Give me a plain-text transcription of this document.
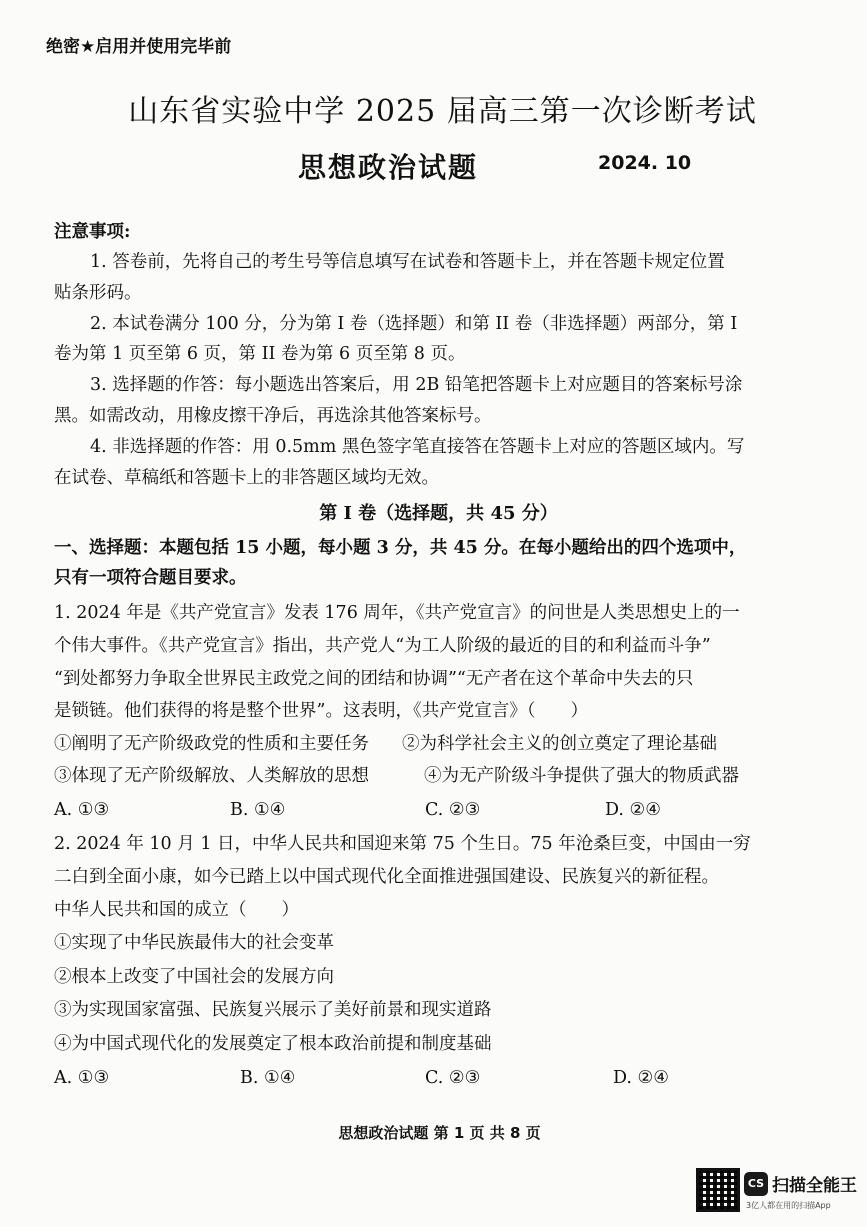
绝密★启用并使用完毕前
山东省实验中学 2025 届高三第一次诊断考试
思想政治试题	2024. 10
注意事项:
1. 答卷前，先将自己的考生号等信息填写在试卷和答题卡上，并在答题卡规定位置
贴条形码。
2. 本试卷满分 100 分，分为第 I 卷（选择题）和第 II 卷（非选择题）两部分，第 I
卷为第 1 页至第 6 页，第 II 卷为第 6 页至第 8 页。
3. 选择题的作答：每小题选出答案后，用 2B 铅笔把答题卡上对应题目的答案标号涂
黑。如需改动，用橡皮擦干净后，再选涂其他答案标号。
4. 非选择题的作答：用 0.5mm 黑色签字笔直接答在答题卡上对应的答题区域内。写
在试卷、草稿纸和答题卡上的非答题区域均无效。
第 I 卷（选择题，共 45 分）
一、选择题：本题包括 15 小题，每小题 3 分，共 45 分。在每小题给出的四个选项中，
只有一项符合题目要求。
1. 2024 年是《共产党宣言》发表 176 周年，《共产党宣言》的问世是人类思想史上的一
个伟大事件。《共产党宣言》指出，共产党人“为工人阶级的最近的目的和利益而斗争”
“到处都努力争取全世界民主政党之间的团结和协调”“无产者在这个革命中失去的只
是锁链。他们获得的将是整个世界”。这表明，《共产党宣言》（　　）
①阐明了无产阶级政党的性质和主要任务 ②为科学社会主义的创立奠定了理论基础
③体现了无产阶级解放、人类解放的思想	④为无产阶级斗争提供了强大的物质武器
A. ①③	B. ①④	C. ②③	D. ②④
2. 2024 年 10 月 1 日，中华人民共和国迎来第 75 个生日。75 年沧桑巨变，中国由一穷
二白到全面小康，如今已踏上以中国式现代化全面推进强国建设、民族复兴的新征程。
中华人民共和国的成立（　　）
①实现了中华民族最伟大的社会变革
②根本上改变了中国社会的发展方向
③为实现国家富强、民族复兴展示了美好前景和现实道路
④为中国式现代化的发展奠定了根本政治前提和制度基础
A. ①③	B. ①④	C. ②③	D. ②④
思想政治试题 第 1 页 共 8 页
CS 扫描全能王
3亿人都在用的扫描App
